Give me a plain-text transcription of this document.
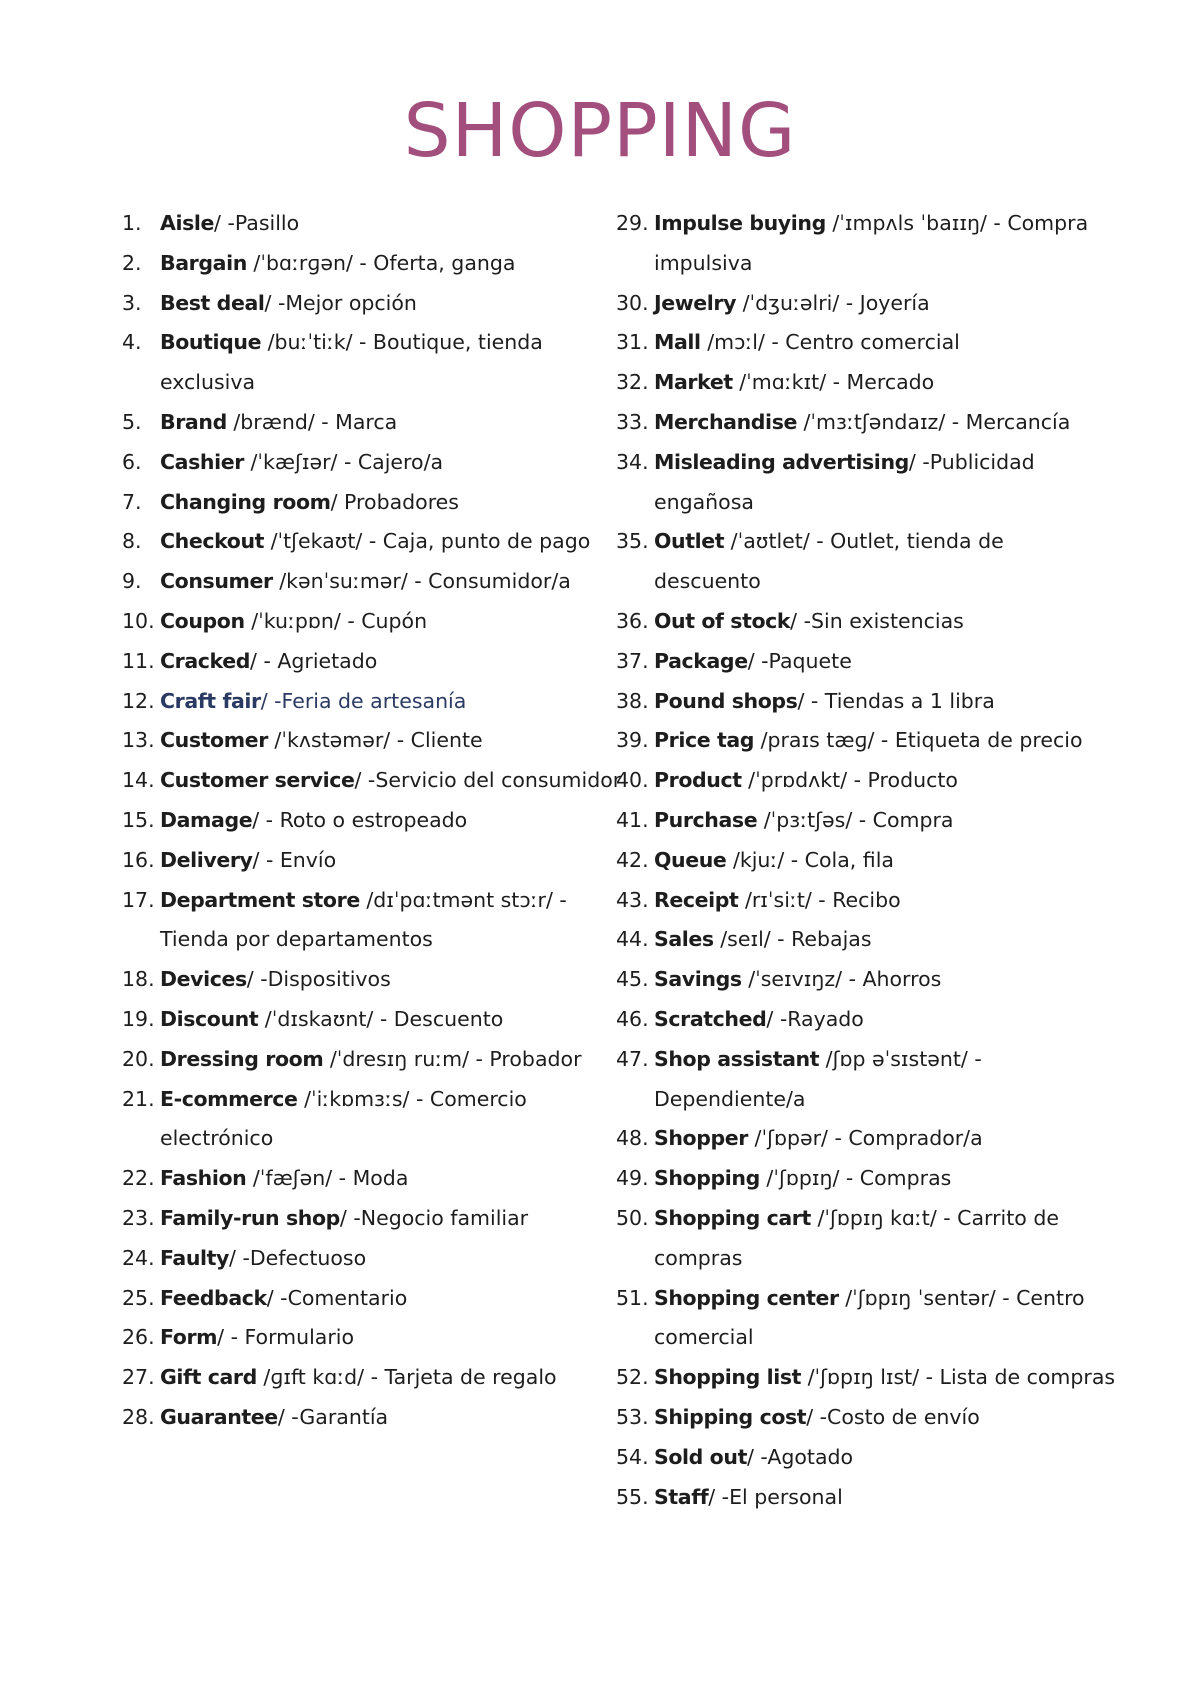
SHOPPING
1. Aisle/ -Pasillo
2. Bargain /ˈbɑːrɡən/ - Oferta, ganga
3. Best deal/ -Mejor opción
4. Boutique /buːˈtiːk/ - Boutique, tienda exclusiva
5. Brand /brænd/ - Marca
6. Cashier /ˈkæʃɪər/ - Cajero/a
7. Changing room/ Probadores
8. Checkout /ˈtʃekaʊt/ - Caja, punto de pago
9. Consumer /kənˈsuːmər/ - Consumidor/a
10. Coupon /ˈkuːpɒn/ - Cupón
11. Cracked/ - Agrietado
12. Craft fair/ -Feria de artesanía
13. Customer /ˈkʌstəmər/ - Cliente
14. Customer service/ -Servicio del consumidor
15. Damage/ - Roto o estropeado
16. Delivery/ - Envío
17. Department store /dɪˈpɑːtmənt stɔːr/ - Tienda por departamentos
18. Devices/ -Dispositivos
19. Discount /ˈdɪskaʊnt/ - Descuento
20. Dressing room /ˈdresɪŋ ruːm/ - Probador
21. E-commerce /ˈiːkɒmɜːs/ - Comercio electrónico
22. Fashion /ˈfæʃən/ - Moda
23. Family-run shop/ -Negocio familiar
24. Faulty/ -Defectuoso
25. Feedback/ -Comentario
26. Form/ - Formulario
27. Gift card /ɡɪft kɑːd/ - Tarjeta de regalo
28. Guarantee/ -Garantía
29. Impulse buying /ˈɪmpʌls ˈbaɪɪŋ/ - Compra impulsiva
30. Jewelry /ˈdʒuːəlri/ - Joyería
31. Mall /mɔːl/ - Centro comercial
32. Market /ˈmɑːkɪt/ - Mercado
33. Merchandise /ˈmɜːtʃəndaɪz/ - Mercancía
34. Misleading advertising/ -Publicidad engañosa
35. Outlet /ˈaʊtlet/ - Outlet, tienda de descuento
36. Out of stock/ -Sin existencias
37. Package/ -Paquete
38. Pound shops/ - Tiendas a 1 libra
39. Price tag /praɪs tæɡ/ - Etiqueta de precio
40. Product /ˈprɒdʌkt/ - Producto
41. Purchase /ˈpɜːtʃəs/ - Compra
42. Queue /kjuː/ - Cola, fila
43. Receipt /rɪˈsiːt/ - Recibo
44. Sales /seɪl/ - Rebajas
45. Savings /ˈseɪvɪŋz/ - Ahorros
46. Scratched/ -Rayado
47. Shop assistant /ʃɒp əˈsɪstənt/ - Dependiente/a
48. Shopper /ˈʃɒpər/ - Comprador/a
49. Shopping /ˈʃɒpɪŋ/ - Compras
50. Shopping cart /ˈʃɒpɪŋ kɑːt/ - Carrito de compras
51. Shopping center /ˈʃɒpɪŋ ˈsentər/ - Centro comercial
52. Shopping list /ˈʃɒpɪŋ lɪst/ - Lista de compras
53. Shipping cost/ -Costo de envío
54. Sold out/ -Agotado
55. Staff/ -El personal
